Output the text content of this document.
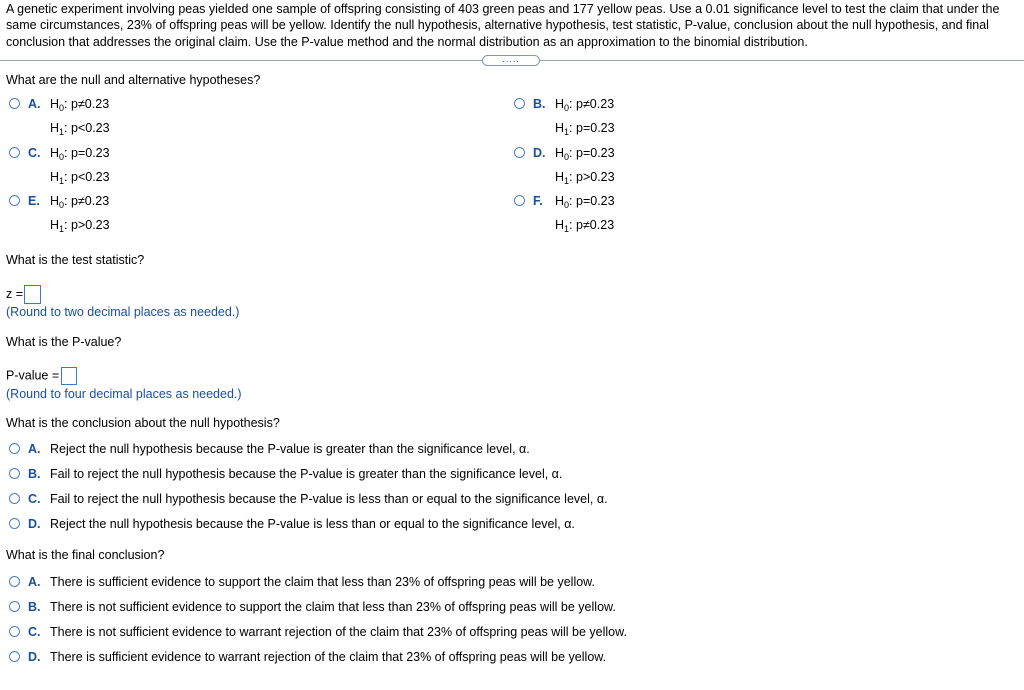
A genetic experiment involving peas yielded one sample of offspring consisting of 403 green peas and 177 yellow peas. Use a 0.01 significance level to test the claim that under the same circumstances, 23% of offspring peas will be yellow. Identify the null hypothesis, alternative hypothesis, test statistic, P-value, conclusion about the null hypothesis, and final conclusion that addresses the original claim. Use the P-value method and the normal distribution as an approximation to the binomial distribution.
.....
What are the null and alternative hypotheses?
A. $H_0$: p≠0.23
$H_1$: p<0.23
B. $H_0$: p≠0.23
$H_1$: p=0.23
C. $H_0$: p=0.23
$H_1$: p<0.23
D. $H_0$: p=0.23
$H_1$: p>0.23
E. $H_0$: p≠0.23
$H_1$: p>0.23
F. $H_0$: p=0.23
$H_1$: p≠0.23
What is the test statistic?
z =
(Round to two decimal places as needed.)
What is the P-value?
P-value =
(Round to four decimal places as needed.)
What is the conclusion about the null hypothesis?
A. Reject the null hypothesis because the P-value is greater than the significance level, α.
B. Fail to reject the null hypothesis because the P-value is greater than the significance level, α.
C. Fail to reject the null hypothesis because the P-value is less than or equal to the significance level, α.
D. Reject the null hypothesis because the P-value is less than or equal to the significance level, α.
What is the final conclusion?
A. There is sufficient evidence to support the claim that less than 23% of offspring peas will be yellow.
B. There is not sufficient evidence to support the claim that less than 23% of offspring peas will be yellow.
C. There is not sufficient evidence to warrant rejection of the claim that 23% of offspring peas will be yellow.
D. There is sufficient evidence to warrant rejection of the claim that 23% of offspring peas will be yellow.
